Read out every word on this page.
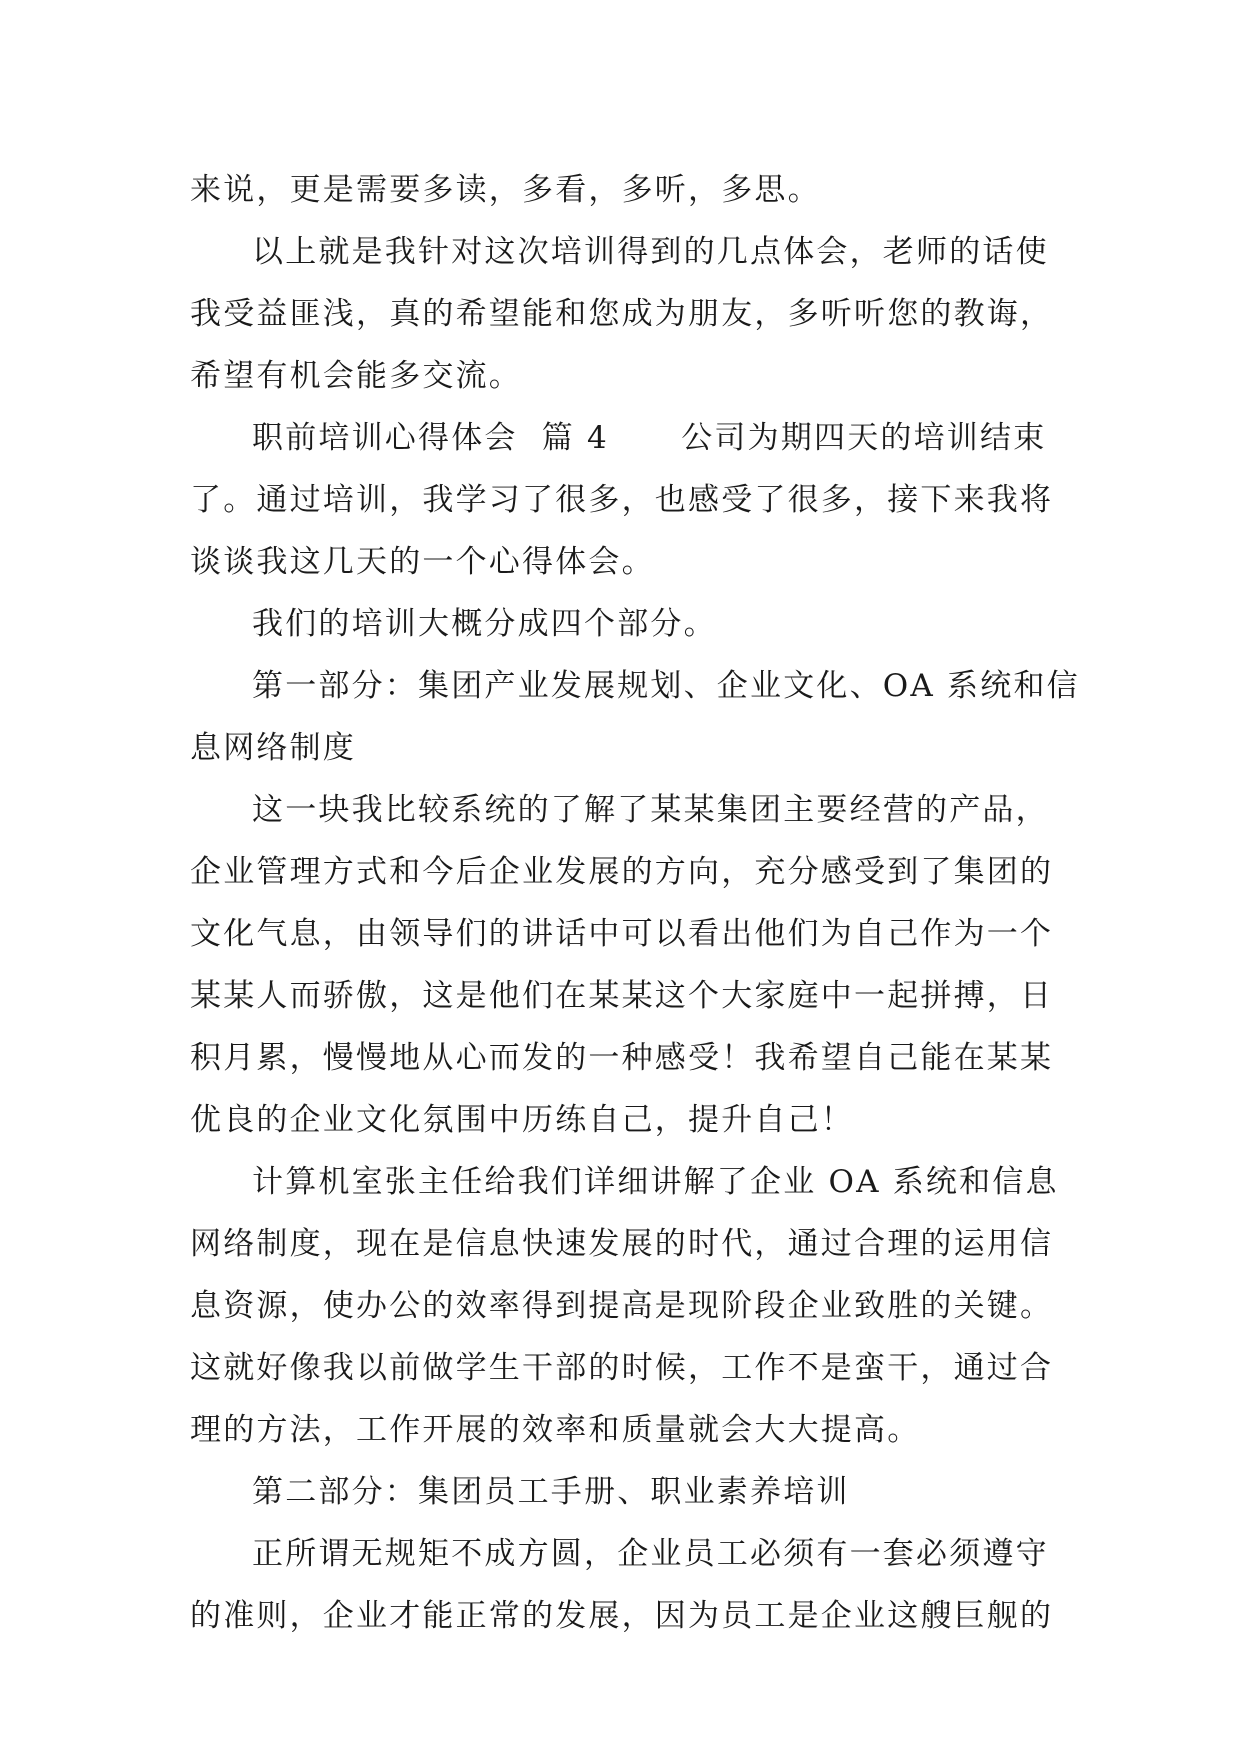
来说，更是需要多读，多看，多听，多思。
以上就是我针对这次培训得到的几点体会，老师的话使
我受益匪浅，真的希望能和您成为朋友，多听听您的教诲，
希望有机会能多交流。
职前培训心得体会  篇 4      公司为期四天的培训结束
了。通过培训，我学习了很多，也感受了很多，接下来我将
谈谈我这几天的一个心得体会。
我们的培训大概分成四个部分。
第一部分：集团产业发展规划、企业文化、OA 系统和信
息网络制度
这一块我比较系统的了解了某某集团主要经营的产品，
企业管理方式和今后企业发展的方向，充分感受到了集团的
文化气息，由领导们的讲话中可以看出他们为自己作为一个
某某人而骄傲，这是他们在某某这个大家庭中一起拼搏，日
积月累，慢慢地从心而发的一种感受！我希望自己能在某某
优良的企业文化氛围中历练自己，提升自己！
计算机室张主任给我们详细讲解了企业 OA 系统和信息
网络制度，现在是信息快速发展的时代，通过合理的运用信
息资源，使办公的效率得到提高是现阶段企业致胜的关键。
这就好像我以前做学生干部的时候，工作不是蛮干，通过合
理的方法，工作开展的效率和质量就会大大提高。
第二部分：集团员工手册、职业素养培训
正所谓无规矩不成方圆，企业员工必须有一套必须遵守
的准则，企业才能正常的发展，因为员工是企业这艘巨舰的
